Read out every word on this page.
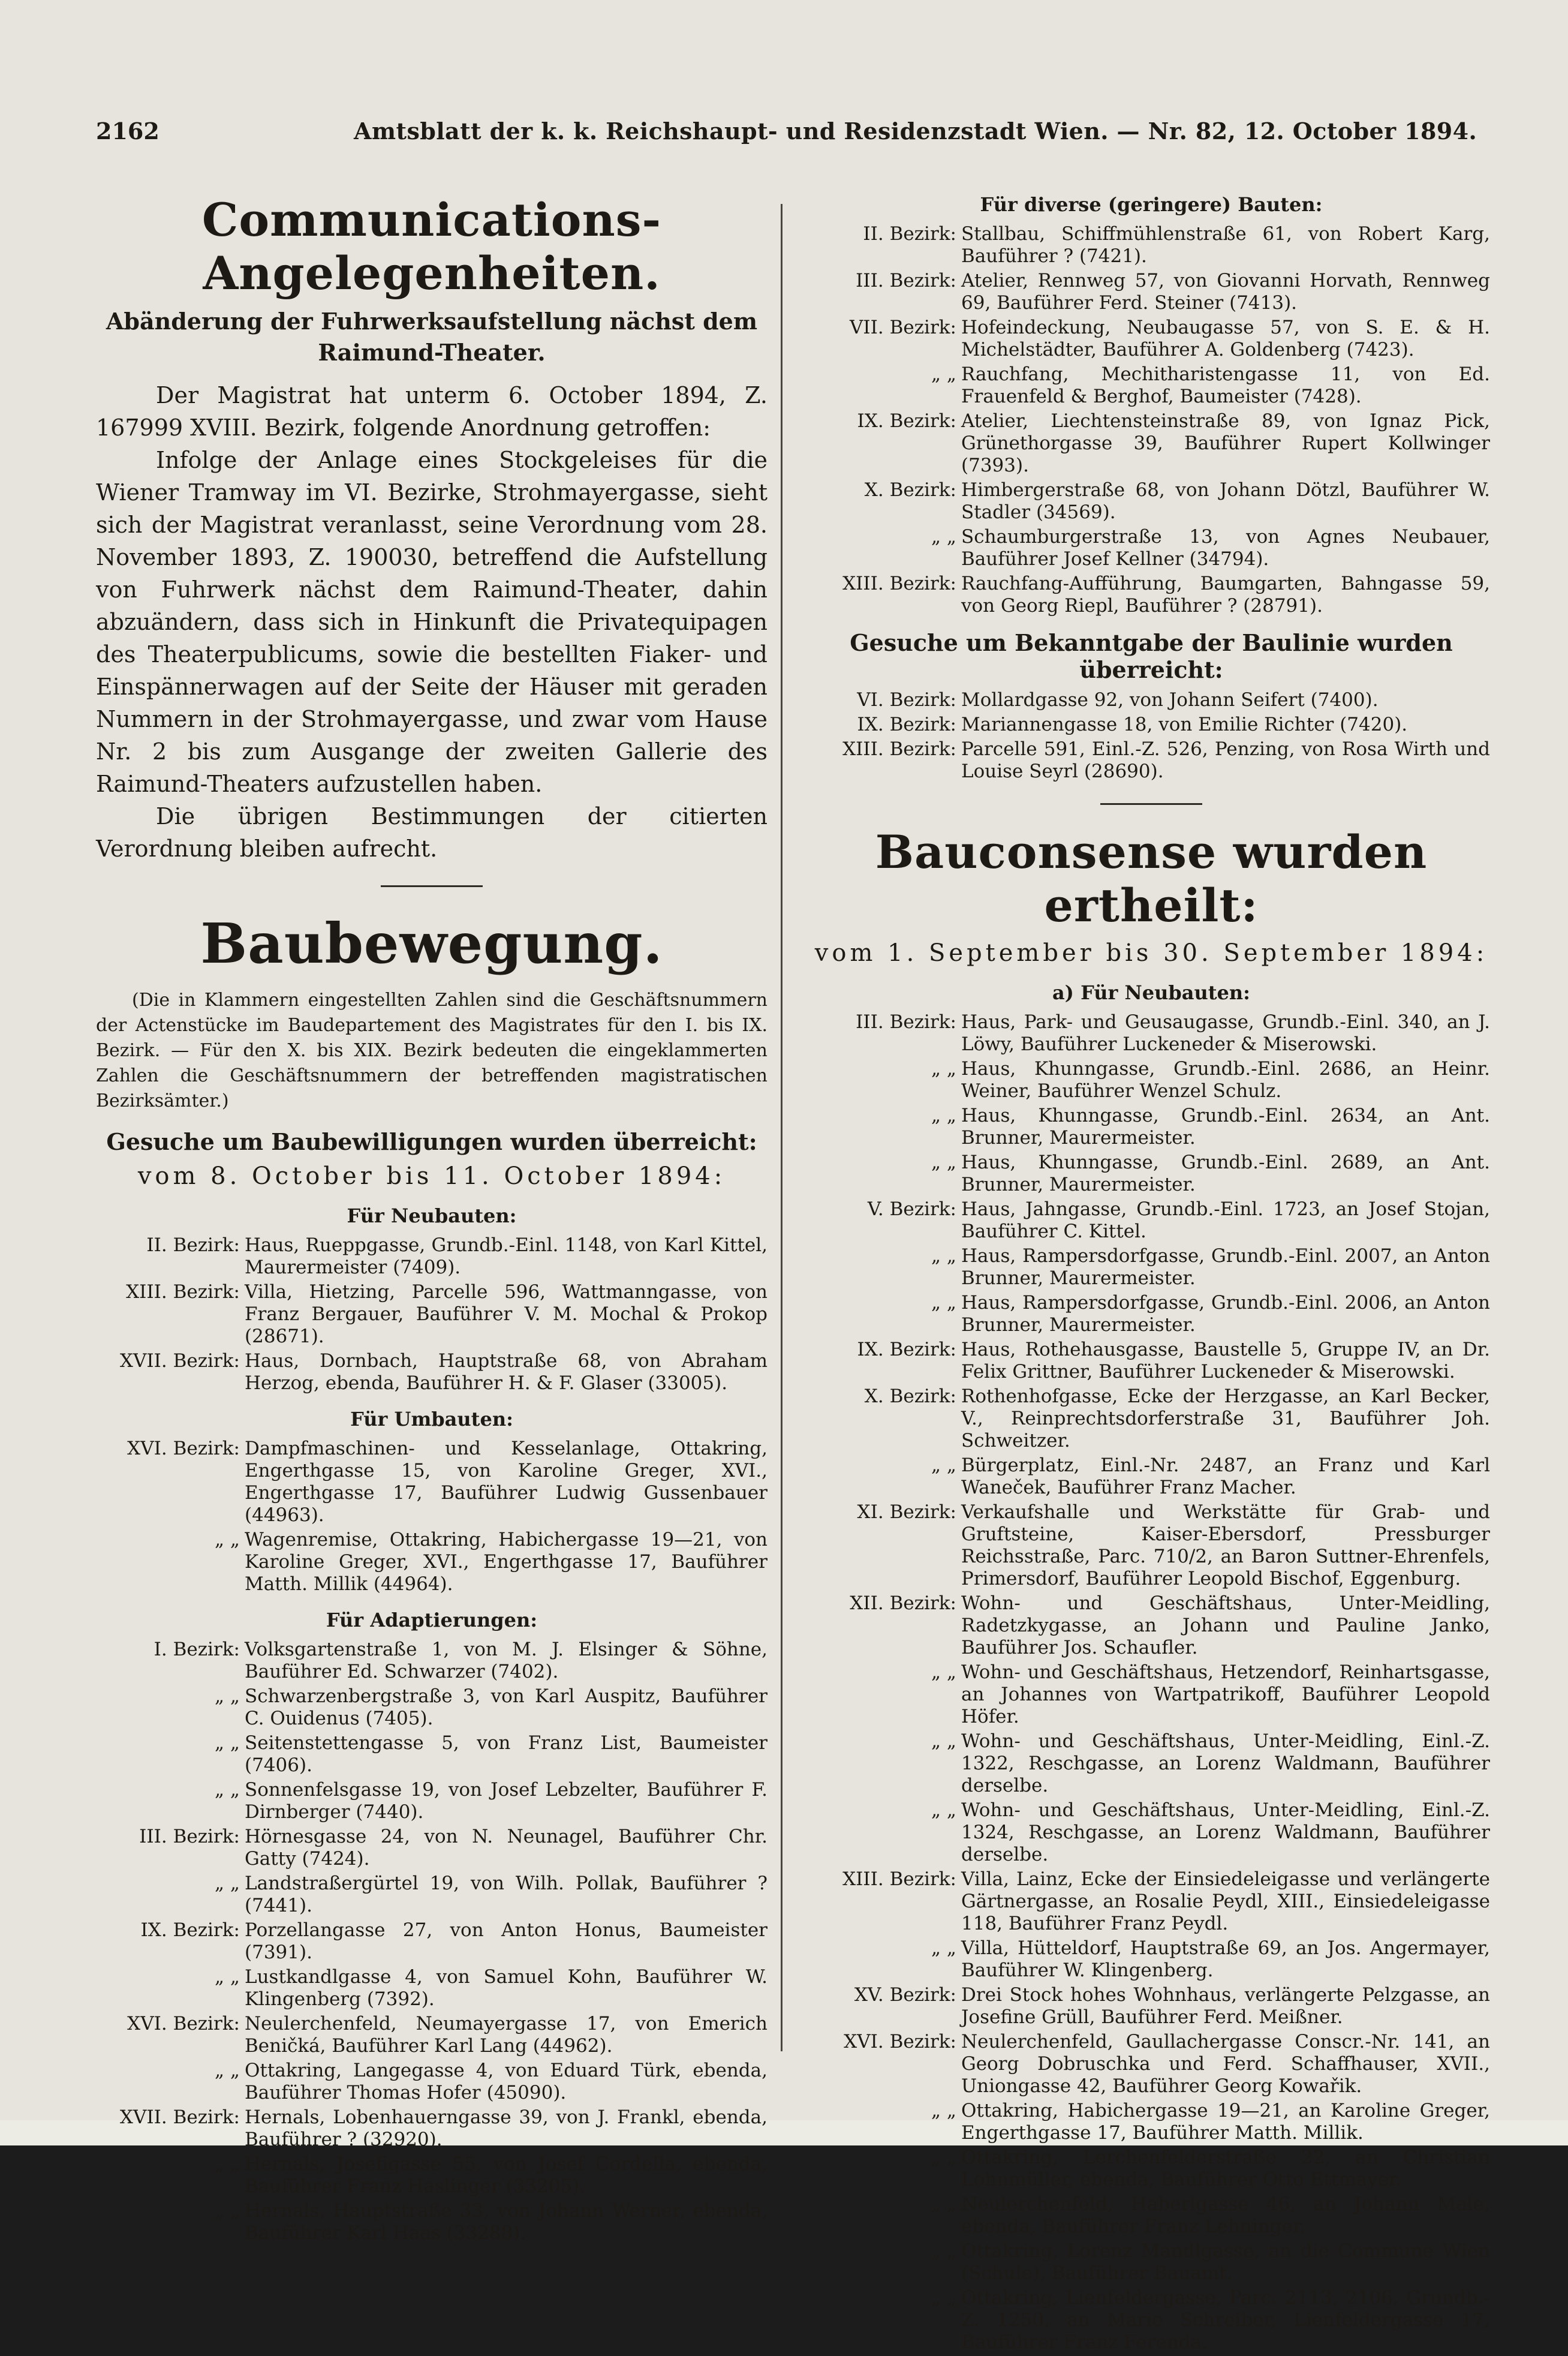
2162	Amtsblatt der k. k. Reichshaupt- und Residenzstadt Wien. — Nr. 82, 12. October 1894.
Communications-Angelegenheiten.
Abänderung der Fuhrwerksaufstellung nächst dem Raimund-Theater.

Der Magistrat hat unterm 6. October 1894, Z. 167999 XVIII. Bezirk, folgende Anordnung getroffen:

Infolge der Anlage eines Stockgeleises für die Wiener Tramway im VI. Bezirke, Strohmayergasse, sieht sich der Magistrat veranlasst, seine Verordnung vom 28. November 1893, Z. 190030, betreffend die Aufstellung von Fuhrwerk nächst dem Raimund-Theater, dahin abzuändern, dass sich in Hinkunft die Privatequipagen des Theaterpublicums, sowie die bestellten Fiaker- und Einspännerwagen auf der Seite der Häuser mit geraden Nummern in der Strohmayergasse, und zwar vom Hause Nr. 2 bis zum Ausgange der zweiten Gallerie des Raimund-Theaters aufzustellen haben.

Die übrigen Bestimmungen der citierten Verordnung bleiben aufrecht.

Baubewegung.

(Die in Klammern eingestellten Zahlen sind die Geschäftsnummern der Actenstücke im Baudepartement des Magistrates für den I. bis IX. Bezirk. — Für den X. bis XIX. Bezirk bedeuten die eingeklammerten Zahlen die Geschäftsnummern der betreffenden magistratischen Bezirksämter.)

Gesuche um Baubewilligungen wurden überreicht:
vom 8. October bis 11. October 1894:
Für Neubauten:
II. Bezirk: Haus, Rueppgasse, Grundb.-Einl. 1148, von Karl Kittel, Maurermeister (7409).
XIII. Bezirk: Villa, Hietzing, Parcelle 596, Wattmanngasse, von Franz Bergauer, Bauführer V. M. Mochal & Prokop (28671).
XVII. Bezirk: Haus, Dornbach, Hauptstraße 68, von Abraham Herzog, ebenda, Bauführer H. & F. Glaser (33005).
Für Umbauten:
XVI. Bezirk: Dampfmaschinen- und Kesselanlage, Ottakring, Engerthgasse 15, von Karoline Greger, XVI., Engerthgasse 17, Bauführer Ludwig Gussenbauer (44963).
„ „ Wagenremise, Ottakring, Habichergasse 19—21, von Karoline Greger, XVI., Engerthgasse 17, Bauführer Matth. Millik (44964).
Für Adaptierungen:
I. Bezirk: Volksgartenstraße 1, von M. J. Elsinger & Söhne, Bauführer Ed. Schwarzer (7402).
„ „ Schwarzenbergstraße 3, von Karl Auspitz, Bauführer C. Ouidenus (7405).
„ „ Seitenstettengasse 5, von Franz List, Baumeister (7406).
„ „ Sonnenfelsgasse 19, von Josef Lebzelter, Bauführer F. Dirnberger (7440).
III. Bezirk: Hörnesgasse 24, von N. Neunagel, Bauführer Chr. Gatty (7424).
„ „ Landstraßergürtel 19, von Wilh. Pollak, Bauführer ? (7441).
IX. Bezirk: Porzellangasse 27, von Anton Honus, Baumeister (7391).
„ „ Lustkandlgasse 4, von Samuel Kohn, Bauführer W. Klingenberg (7392).
XVI. Bezirk: Neulerchenfeld, Neumayergasse 17, von Emerich Beničká, Bauführer Karl Lang (44962).
„ „ Ottakring, Langegasse 4, von Eduard Türk, ebenda, Bauführer Thomas Hofer (45090).
XVII. Bezirk: Hernals, Lobenhauerngasse 39, von J. Frankl, ebenda, Bauführer ? (32920).
„ „ Hernals, Josefigasse 55, von Josef Cordella, ebenda, Bauführer Franz Haslinger (33205).
„ „ Hernals, Hauptstraße 33, von Johann Werner, ebenda, Bauführer Karl Haas (33288).
Für diverse (geringere) Bauten:
II. Bezirk: Stallbau, Schiffmühlenstraße 61, von Robert Karg, Bauführer ? (7421).
III. Bezirk: Atelier, Rennweg 57, von Giovanni Horvath, Rennweg 69, Bauführer Ferd. Steiner (7413).
VII. Bezirk: Hofeindeckung, Neubaugasse 57, von S. E. & H. Michelstädter, Bauführer A. Goldenberg (7423).
„ „ Rauchfang, Mechitharistengasse 11, von Ed. Frauenfeld & Berghof, Baumeister (7428).
IX. Bezirk: Atelier, Liechtensteinstraße 89, von Ignaz Pick, Grünethorgasse 39, Bauführer Rupert Kollwinger (7393).
X. Bezirk: Himbergerstraße 68, von Johann Dötzl, Bauführer W. Stadler (34569).
„ „ Schaumburgerstraße 13, von Agnes Neubauer, Bauführer Josef Kellner (34794).
XIII. Bezirk: Rauchfang-Aufführung, Baumgarten, Bahngasse 59, von Georg Riepl, Bauführer ? (28791).
Gesuche um Bekanntgabe der Baulinie wurden überreicht:
VI. Bezirk: Mollardgasse 92, von Johann Seifert (7400).
IX. Bezirk: Mariannengasse 18, von Emilie Richter (7420).
XIII. Bezirk: Parcelle 591, Einl.-Z. 526, Penzing, von Rosa Wirth und Louise Seyrl (28690).
Bauconsense wurden ertheilt:
vom 1. September bis 30. September 1894:
a) Für Neubauten:
III. Bezirk: Haus, Park- und Geusaugasse, Grundb.-Einl. 340, an J. Löwy, Bauführer Luckeneder & Miserowski.
„ „ Haus, Khunngasse, Grundb.-Einl. 2686, an Heinr. Weiner, Bauführer Wenzel Schulz.
„ „ Haus, Khunngasse, Grundb.-Einl. 2634, an Ant. Brunner, Maurermeister.
„ „ Haus, Khunngasse, Grundb.-Einl. 2689, an Ant. Brunner, Maurermeister.
V. Bezirk: Haus, Jahngasse, Grundb.-Einl. 1723, an Josef Stojan, Bauführer C. Kittel.
„ „ Haus, Rampersdorfgasse, Grundb.-Einl. 2007, an Anton Brunner, Maurermeister.
„ „ Haus, Rampersdorfgasse, Grundb.-Einl. 2006, an Anton Brunner, Maurermeister.
IX. Bezirk: Haus, Rothehausgasse, Baustelle 5, Gruppe IV, an Dr. Felix Grittner, Bauführer Luckeneder & Miserowski.
X. Bezirk: Rothenhofgasse, Ecke der Herzgasse, an Karl Becker, V., Reinprechtsdorferstraße 31, Bauführer Joh. Schweitzer.
„ „ Bürgerplatz, Einl.-Nr. 2487, an Franz und Karl Waneček, Bauführer Franz Macher.
XI. Bezirk: Verkaufshalle und Werkstätte für Grab- und Gruftsteine, Kaiser-Ebersdorf, Pressburger Reichsstraße, Parc. 710/2, an Baron Suttner-Ehrenfels, Primersdorf, Bauführer Leopold Bischof, Eggenburg.
XII. Bezirk: Wohn- und Geschäftshaus, Unter-Meidling, Radetzkygasse, an Johann und Pauline Janko, Bauführer Jos. Schaufler.
„ „ Wohn- und Geschäftshaus, Hetzendorf, Reinhartsgasse, an Johannes von Wartpatrikoff, Bauführer Leopold Höfer.
„ „ Wohn- und Geschäftshaus, Unter-Meidling, Einl.-Z. 1322, Reschgasse, an Lorenz Waldmann, Bauführer derselbe.
„ „ Wohn- und Geschäftshaus, Unter-Meidling, Einl.-Z. 1324, Reschgasse, an Lorenz Waldmann, Bauführer derselbe.
XIII. Bezirk: Villa, Lainz, Ecke der Einsiedeleigasse und verlängerte Gärtnergasse, an Rosalie Peydl, XIII., Einsiedeleigasse 118, Bauführer Franz Peydl.
„ „ Villa, Hütteldorf, Hauptstraße 69, an Jos. Angermayer, Bauführer W. Klingenberg.
XV. Bezirk: Drei Stock hohes Wohnhaus, verlängerte Pelzgasse, an Josefine Grüll, Bauführer Ferd. Meißner.
XVI. Bezirk: Neulerchenfeld, Gaullachergasse Conscr.-Nr. 141, an Georg Dobruschka und Ferd. Schaffhauser, XVII., Uniongasse 42, Bauführer Georg Kowařik.
„ „ Ottakring, Habichergasse 19—21, an Karoline Greger, Engerthgasse 17, Bauführer Matth. Millik.
„ „ Ottakring, Lerchenfelderstraße 22, an Christian Lohnmüller, ebenda, Bauführer Otto Ettmayer.
„ „ Neulerchenfeld, Haberlgasse 46, an Johann Male, ebenda, Bauführer Franz Lehninger.
„ „ Ottakring, Lorenz Mandlgasse, an die Commune Wien (Schule), Bauführer Bauamt.
„ „ Ottakring, Lienfeldergasse, Parc. 2113, 2106, Grundb.-Z. 1250, an Marie Schreiber, Lienfeldergasse 17, Bauführer Franz Ferenda.
